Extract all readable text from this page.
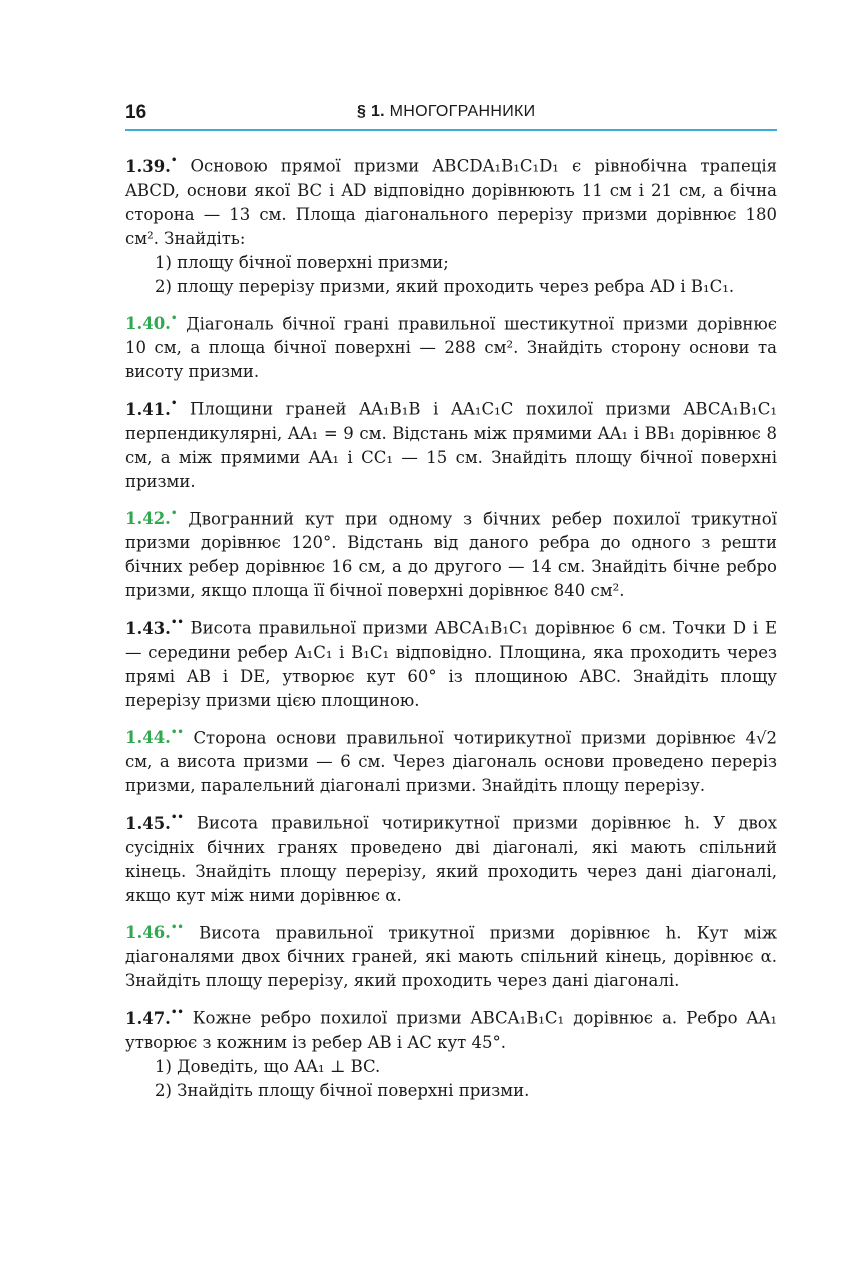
16	§ 1. МНОГОГРАННИКИ
1.39.• Основою прямої призми ABCDA₁B₁C₁D₁ є рівнобічна трапеція ABCD, основи якої BC і AD відповідно дорівнюють 11 см і 21 см, а бічна сторона — 13 см. Площа діагонального перерізу призми дорівнює 180 см². Знайдіть:
1) площу бічної поверхні призми;
2) площу перерізу призми, який проходить через ребра AD і B₁C₁.
1.40.• Діагональ бічної грані правильної шестикутної призми дорівнює 10 см, а площа бічної поверхні — 288 см². Знайдіть сторону основи та висоту призми.
1.41.• Площини граней AA₁B₁B і AA₁C₁C похилої призми ABCA₁B₁C₁ перпендикулярні, AA₁ = 9 см. Відстань між прямими AA₁ і BB₁ дорівнює 8 см, а між прямими AA₁ і CC₁ — 15 см. Знайдіть площу бічної поверхні призми.
1.42.• Двогранний кут при одному з бічних ребер похилої трикутної призми дорівнює 120°. Відстань від даного ребра до одного з решти бічних ребер дорівнює 16 см, а до другого — 14 см. Знайдіть бічне ребро призми, якщо площа її бічної поверхні дорівнює 840 см².
1.43.•• Висота правильної призми ABCA₁B₁C₁ дорівнює 6 см. Точки D і E — середини ребер A₁C₁ і B₁C₁ відповідно. Площина, яка проходить через прямі AB і DE, утворює кут 60° із площиною ABC. Знайдіть площу перерізу призми цією площиною.
1.44.•• Сторона основи правильної чотирикутної призми дорівнює 4√2 см, а висота призми — 6 см. Через діагональ основи проведено переріз призми, паралельний діагоналі призми. Знайдіть площу перерізу.
1.45.•• Висота правильної чотирикутної призми дорівнює h. У двох сусідніх бічних гранях проведено дві діагоналі, які мають спільний кінець. Знайдіть площу перерізу, який проходить через дані діагоналі, якщо кут між ними дорівнює α.
1.46.•• Висота правильної трикутної призми дорівнює h. Кут між діагоналями двох бічних граней, які мають спільний кінець, дорівнює α. Знайдіть площу перерізу, який проходить через дані діагоналі.
1.47.•• Кожне ребро похилої призми ABCA₁B₁C₁ дорівнює a. Ребро AA₁ утворює з кожним із ребер AB і AC кут 45°.
1) Доведіть, що AA₁ ⊥ BC.
2) Знайдіть площу бічної поверхні призми.
